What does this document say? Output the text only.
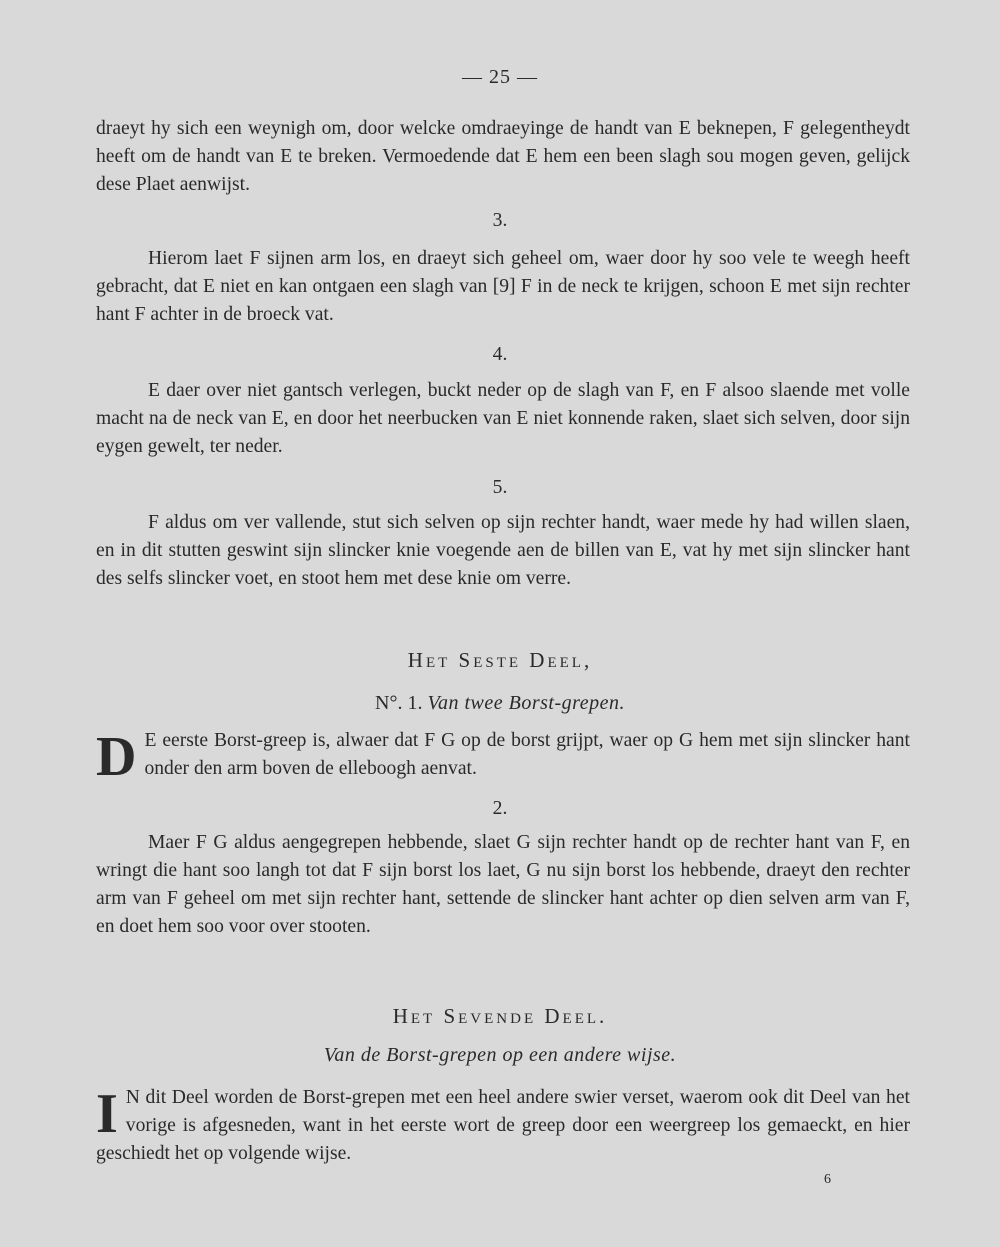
— 25 —

draeyt hy sich een weynigh om, door welcke omdraeyinge de handt van E beknepen, F gelegentheydt heeft om de handt van E te breken. Vermoedende dat E hem een been slagh sou mogen geven, gelijck dese Plaet aenwijst.

3.

Hierom laet F sijnen arm los, en draeyt sich geheel om, waer door hy soo vele te weegh heeft gebracht, dat E niet en kan ontgaen een slagh van [9] F in de neck te krijgen, schoon E met sijn rechter hant F achter in de broeck vat.

4.

E daer over niet gantsch verlegen, buckt neder op de slagh van F, en F alsoo slaende met volle macht na de neck van E, en door het neerbucken van E niet konnende raken, slaet sich selven, door sijn eygen gewelt, ter neder.

5.

F aldus om ver vallende, stut sich selven op sijn rechter handt, waer mede hy had willen slaen, en in dit stutten geswint sijn slincker knie voegende aen de billen van E, vat hy met sijn slincker hant des selfs slincker voet, en stoot hem met dese knie om verre.

Het Seste Deel,
N°. 1. Van twee Borst-grepen.

D E eerste Borst-greep is, alwaer dat F G op de borst grijpt, waer op G hem met sijn slincker hant onder den arm boven de elleboogh aenvat.

2.

Maer F G aldus aengegrepen hebbende, slaet G sijn rechter handt op de rechter hant van F, en wringt die hant soo langh tot dat F sijn borst los laet, G nu sijn borst los hebbende, draeyt den rechter arm van F geheel om met sijn rechter hant, settende de slincker hant achter op dien selven arm van F, en doet hem soo voor over stooten.

Het Sevende Deel.
Van de Borst-grepen op een andere wijse.

I N dit Deel worden de Borst-grepen met een heel andere swier verset, waerom ook dit Deel van het vorige is afgesneden, want in het eerste wort de greep door een weergreep los gemaeckt, en hier geschiedt het op volgende wijse.

6
